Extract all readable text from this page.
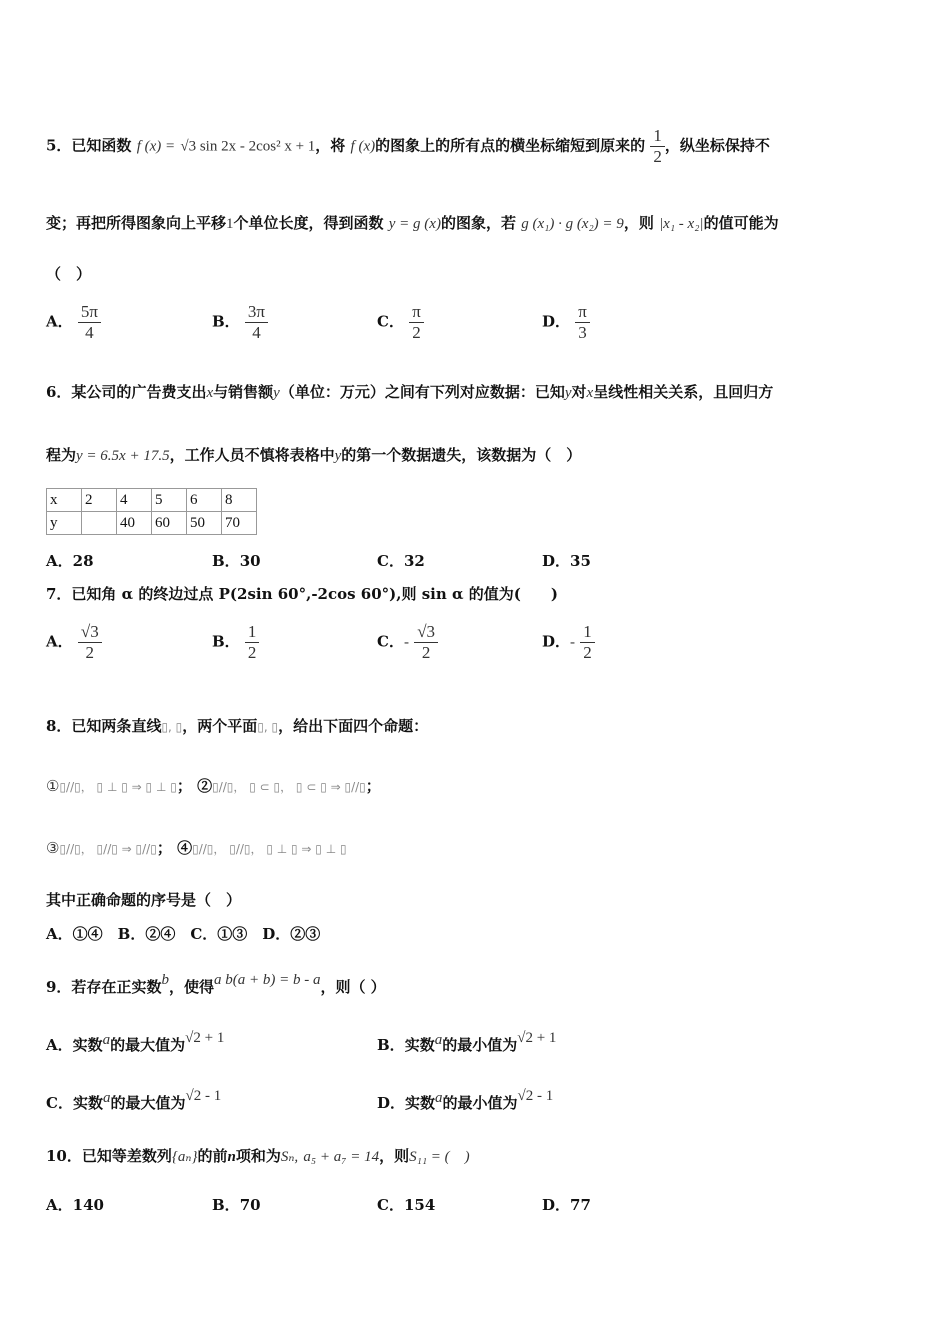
5．已知函数 f (x) = √3 sin 2x - 2cos² x + 1，将 f (x)的图象上的所有点的横坐标缩短到原来的 $\frac{1}{2}$ ，纵坐标保持不
变；再把所得图象向上平移1个单位长度，得到函数 y = g (x)的图象，若 g (x₁) · g (x₂) = 9，则 |x₁ - x₂|的值可能为
（　）
A． $\frac{5\pi}{4}$	B． $\frac{3\pi}{4}$	C． $\frac{\pi}{2}$	D． $\frac{\pi}{3}$
6．某公司的广告费支出x与销售额y（单位：万元）之间有下列对应数据：已知y对x呈线性相关关系，且回归方
程为y = 6.5x + 17.5，工作人员不慎将表格中y的第一个数据遗失，该数据为（　）
x	2	4	5	6	8
y		40	60	50	70
A．28	B．30	C．32	D．35
7．已知角 α 的终边过点 P(2sin 60°,-2cos 60°),则 sin α 的值为(　　)
A． $\frac{√3}{2}$	B． $\frac{1}{2}$	C．- $\frac{√3}{2}$	D．- $\frac{1}{2}$
8．已知两条直线▯, ▯，两个平面▯, ▯，给出下面四个命题：
①▯//▯， ▯ ⊥ ▯ ⇒ ▯ ⊥ ▯； ②▯//▯， ▯ ⊂ ▯， ▯ ⊂ ▯ ⇒ ▯//▯；
③▯//▯， ▯//▯ ⇒ ▯//▯； ④▯//▯， ▯//▯， ▯ ⊥ ▯ ⇒ ▯ ⊥ ▯
其中正确命题的序号是（　）
A．①④　B．②④　C．①③　D．②③
9．若存在正实数b，使得a b(a + b) = b - a，则（ ）
A．实数a的最大值为√2 + 1	B．实数a的最小值为√2 + 1
C．实数a的最大值为√2 - 1	D．实数a的最小值为√2 - 1
10．已知等差数列{aₙ}的前n项和为Sₙ, a₅ + a₇ = 14，则S₁₁ = (　)
A．140	B．70	C．154	D．77
